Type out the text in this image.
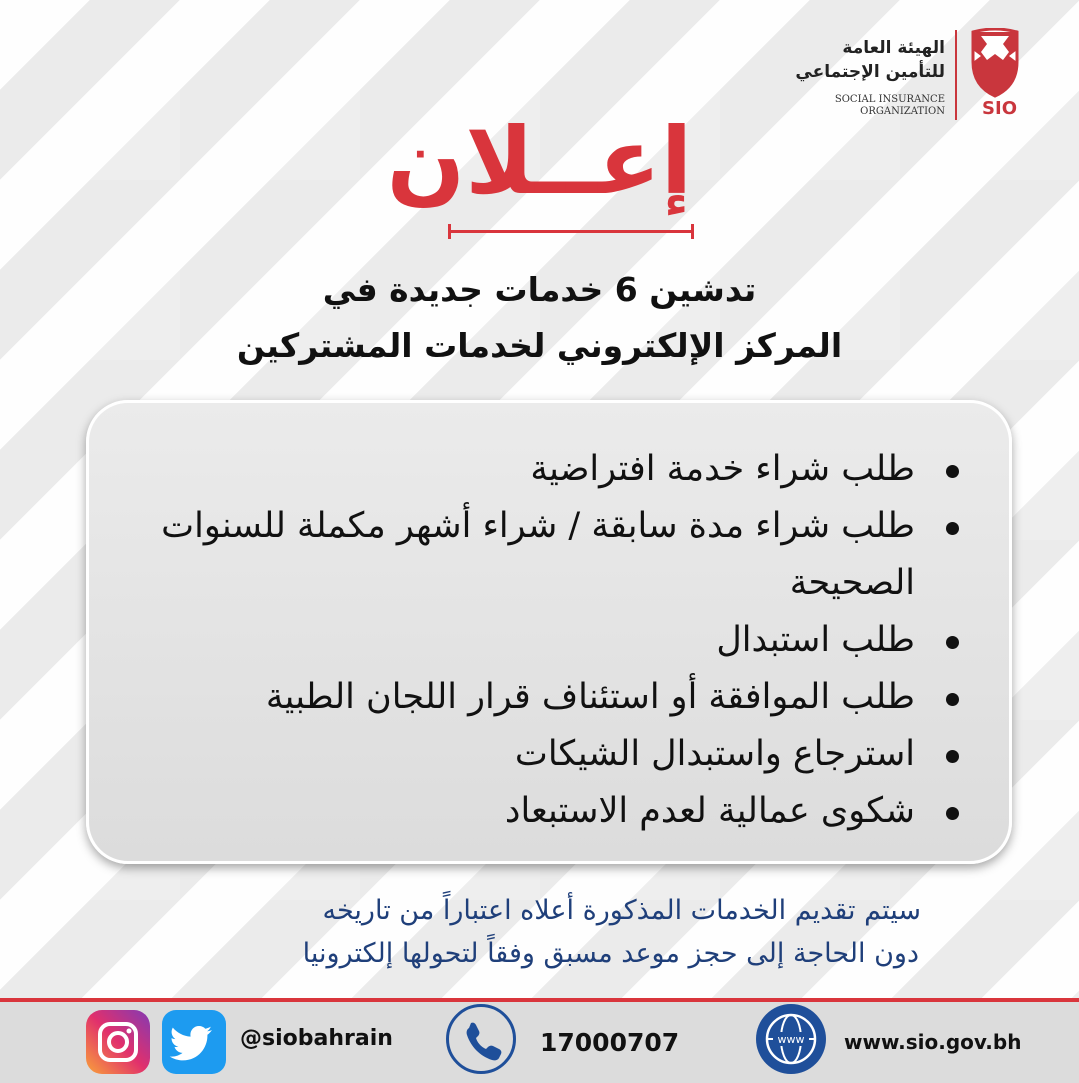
الهيئة العامة
للتأمين الإجتماعي
SOCIAL INSURANCE
ORGANIZATION SIO
إعــلان
تدشين 6 خدمات جديدة في
المركز الإلكتروني لخدمات المشتركين
طلب شراء خدمة افتراضية
طلب شراء مدة سابقة / شراء أشهر مكملة للسنوات الصحيحة
طلب استبدال
طلب الموافقة أو استئناف قرار اللجان الطبية
استرجاع واستبدال الشيكات
شكوى عمالية لعدم الاستبعاد
سيتم تقديم الخدمات المذكورة أعلاه اعتباراً من تاريخه
دون الحاجة إلى حجز موعد مسبق وفقاً لتحولها إلكترونيا
@siobahrain	17000707	www www.sio.gov.bh
